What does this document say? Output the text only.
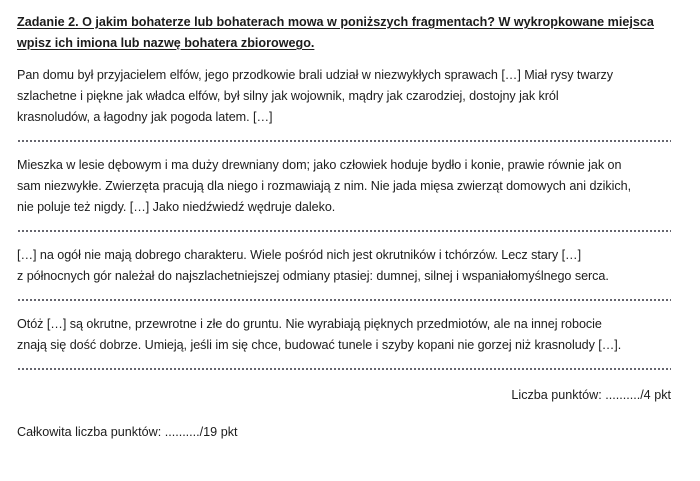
Zadanie 2. O jakim bohaterze lub bohaterach mowa w poniższych fragmentach? W wykropkowane miejsca
wpisz ich imiona lub nazwę bohatera zbiorowego.
Pan domu był przyjacielem elfów, jego przodkowie brali udział w niezwykłych sprawach […] Miał rysy twarzy
szlachetne i piękne jak władca elfów, był silny jak wojownik, mądry jak czarodziej, dostojny jak król
krasnoludów, a łagodny jak pogoda latem. […]
Mieszka w lesie dębowym i ma duży drewniany dom; jako człowiek hoduje bydło i konie, prawie równie jak on
sam niezwykłe. Zwierzęta pracują dla niego i rozmawiają z nim. Nie jada mięsa zwierząt domowych ani dzikich,
nie poluje też nigdy. […] Jako niedźwiedź wędruje daleko.
[…] na ogół nie mają dobrego charakteru. Wiele pośród nich jest okrutników i tchórzów. Lecz stary […]
z północnych gór należał do najszlachetniejszej odmiany ptasiej: dumnej, silnej i wspaniałomyślnego serca.
Otóż […] są okrutne, przewrotne i złe do gruntu. Nie wyrabiają pięknych przedmiotów, ale na innej robocie
znają się dość dobrze. Umieją, jeśli im się chce, budować tunele i szyby kopani nie gorzej niż krasnoludy […].
Liczba punktów: ........../4 pkt
Całkowita liczba punktów: ........../19 pkt
